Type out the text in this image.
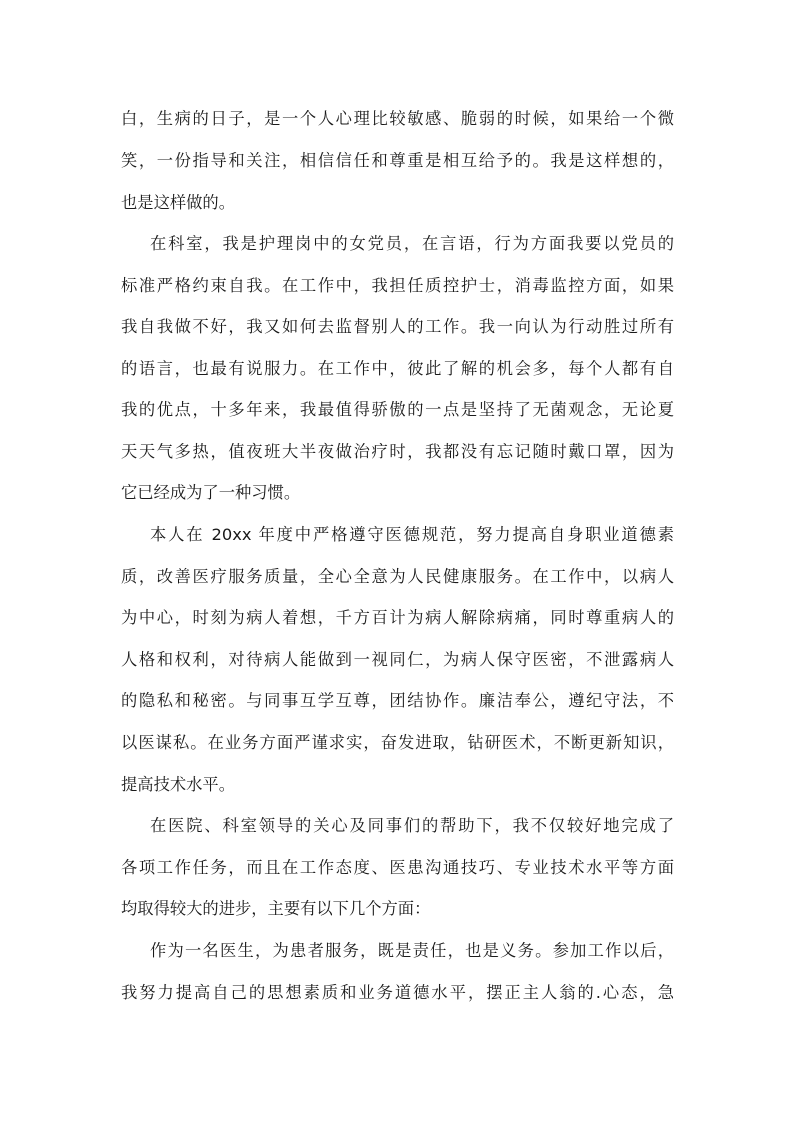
白，生病的日子，是一个人心理比较敏感、脆弱的时候，如果给一个微
笑，一份指导和关注，相信信任和尊重是相互给予的。我是这样想的，
也是这样做的。
在科室，我是护理岗中的女党员，在言语，行为方面我要以党员的
标准严格约束自我。在工作中，我担任质控护士，消毒监控方面，如果
我自我做不好，我又如何去监督别人的工作。我一向认为行动胜过所有
的语言，也最有说服力。在工作中，彼此了解的机会多，每个人都有自
我的优点，十多年来，我最值得骄傲的一点是坚持了无菌观念，无论夏
天天气多热，值夜班大半夜做治疗时，我都没有忘记随时戴口罩，因为
它已经成为了一种习惯。
本人在 20xx 年度中严格遵守医德规范，努力提高自身职业道德素
质，改善医疗服务质量，全心全意为人民健康服务。在工作中，以病人
为中心，时刻为病人着想，千方百计为病人解除病痛，同时尊重病人的
人格和权利，对待病人能做到一视同仁，为病人保守医密，不泄露病人
的隐私和秘密。与同事互学互尊，团结协作。廉洁奉公，遵纪守法，不
以医谋私。在业务方面严谨求实，奋发进取，钻研医术，不断更新知识，
提高技术水平。
在医院、科室领导的关心及同事们的帮助下，我不仅较好地完成了
各项工作任务，而且在工作态度、医患沟通技巧、专业技术水平等方面
均取得较大的进步，主要有以下几个方面：
作为一名医生，为患者服务，既是责任，也是义务。参加工作以后，
我努力提高自己的思想素质和业务道德水平，摆正主人翁的.心态，急
